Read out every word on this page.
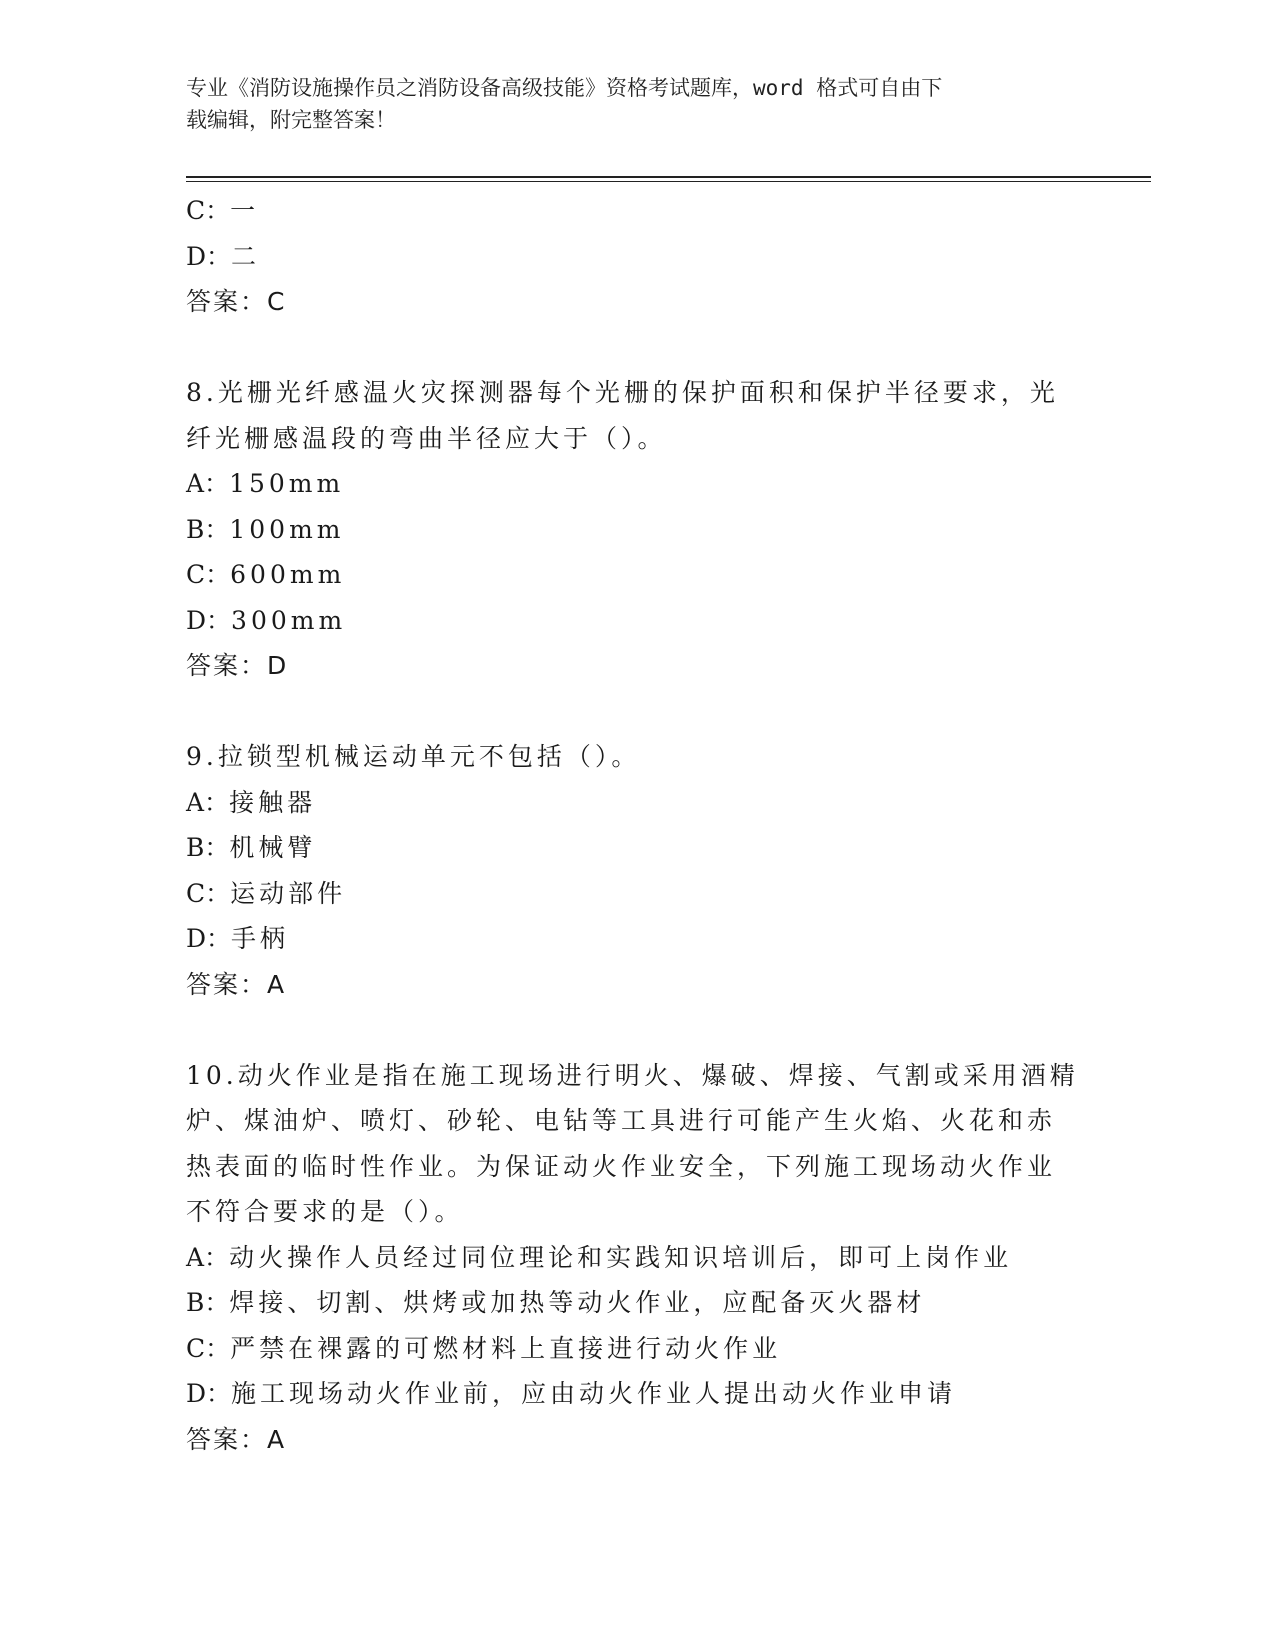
专业《消防设施操作员之消防设备高级技能》资格考试题库，word 格式可自由下
载编辑，附完整答案！
C：一
D：二
答案：C
8.光栅光纤感温火灾探测器每个光栅的保护面积和保护半径要求，光
纤光栅感温段的弯曲半径应大于（）。
A：150mm
B：100mm
C：600mm
D：300mm
答案：D
9.拉锁型机械运动单元不包括（）。
A：接触器
B：机械臂
C：运动部件
D：手柄
答案：A
10.动火作业是指在施工现场进行明火、爆破、焊接、气割或采用酒精
炉、煤油炉、喷灯、砂轮、电钻等工具进行可能产生火焰、火花和赤
热表面的临时性作业。为保证动火作业安全，下列施工现场动火作业
不符合要求的是（）。
A：动火操作人员经过同位理论和实践知识培训后，即可上岗作业
B：焊接、切割、烘烤或加热等动火作业，应配备灭火器材
C：严禁在裸露的可燃材料上直接进行动火作业
D：施工现场动火作业前，应由动火作业人提出动火作业申请
答案：A
